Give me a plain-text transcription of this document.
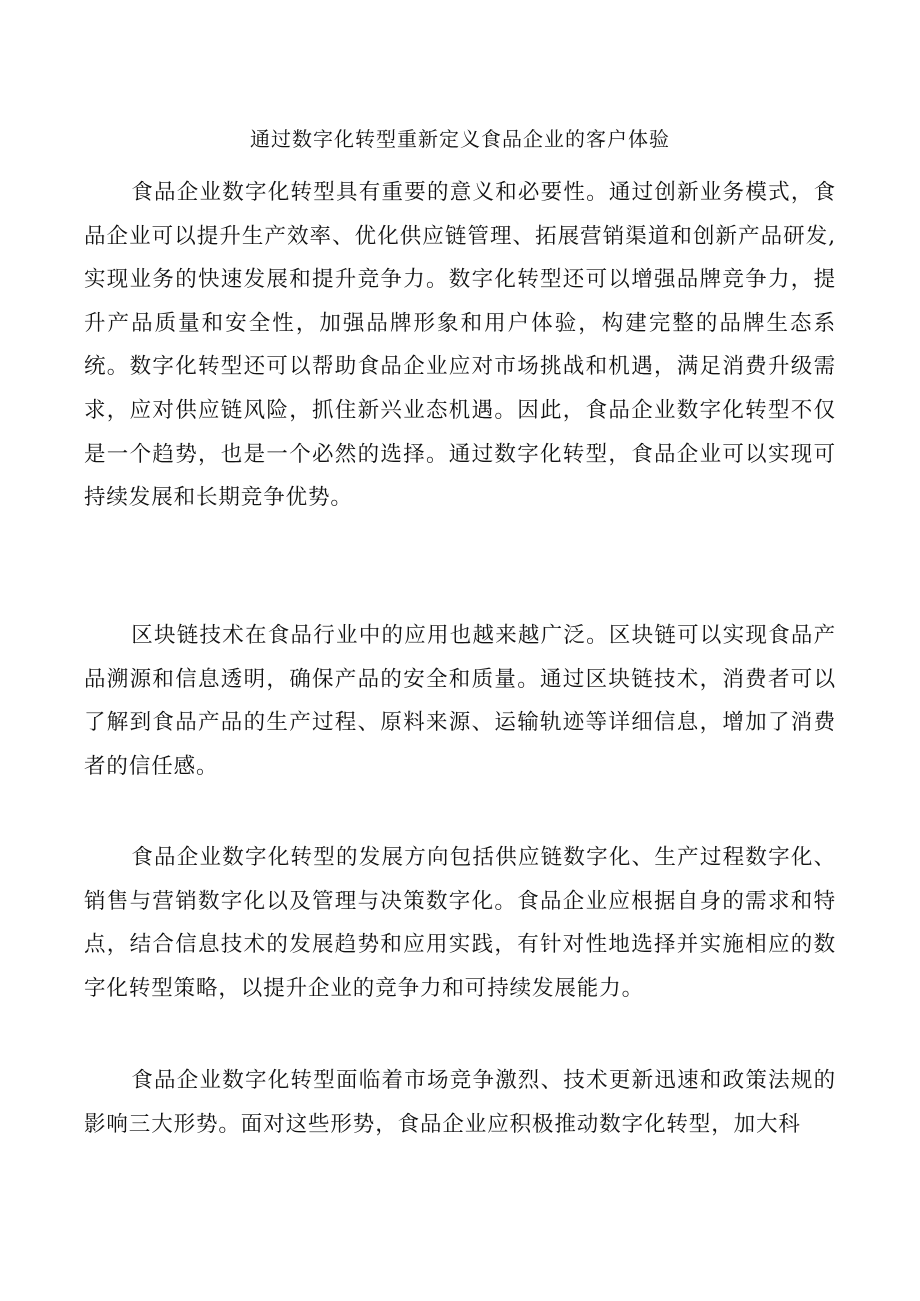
通过数字化转型重新定义食品企业的客户体验

食品企业数字化转型具有重要的意义和必要性。通过创新业务模式，食品企业可以提升生产效率、优化供应链管理、拓展营销渠道和创新产品研发,实现业务的快速发展和提升竞争力。数字化转型还可以增强品牌竞争力，提升产品质量和安全性，加强品牌形象和用户体验，构建完整的品牌生态系统。数字化转型还可以帮助食品企业应对市场挑战和机遇，满足消费升级需求，应对供应链风险，抓住新兴业态机遇。因此，食品企业数字化转型不仅是一个趋势，也是一个必然的选择。通过数字化转型，食品企业可以实现可持续发展和长期竞争优势。

区块链技术在食品行业中的应用也越来越广泛。区块链可以实现食品产品溯源和信息透明，确保产品的安全和质量。通过区块链技术，消费者可以了解到食品产品的生产过程、原料来源、运输轨迹等详细信息，增加了消费者的信任感。

食品企业数字化转型的发展方向包括供应链数字化、生产过程数字化、销售与营销数字化以及管理与决策数字化。食品企业应根据自身的需求和特点，结合信息技术的发展趋势和应用实践，有针对性地选择并实施相应的数字化转型策略，以提升企业的竞争力和可持续发展能力。

食品企业数字化转型面临着市场竞争激烈、技术更新迅速和政策法规的影响三大形势。面对这些形势，食品企业应积极推动数字化转型，加大科
